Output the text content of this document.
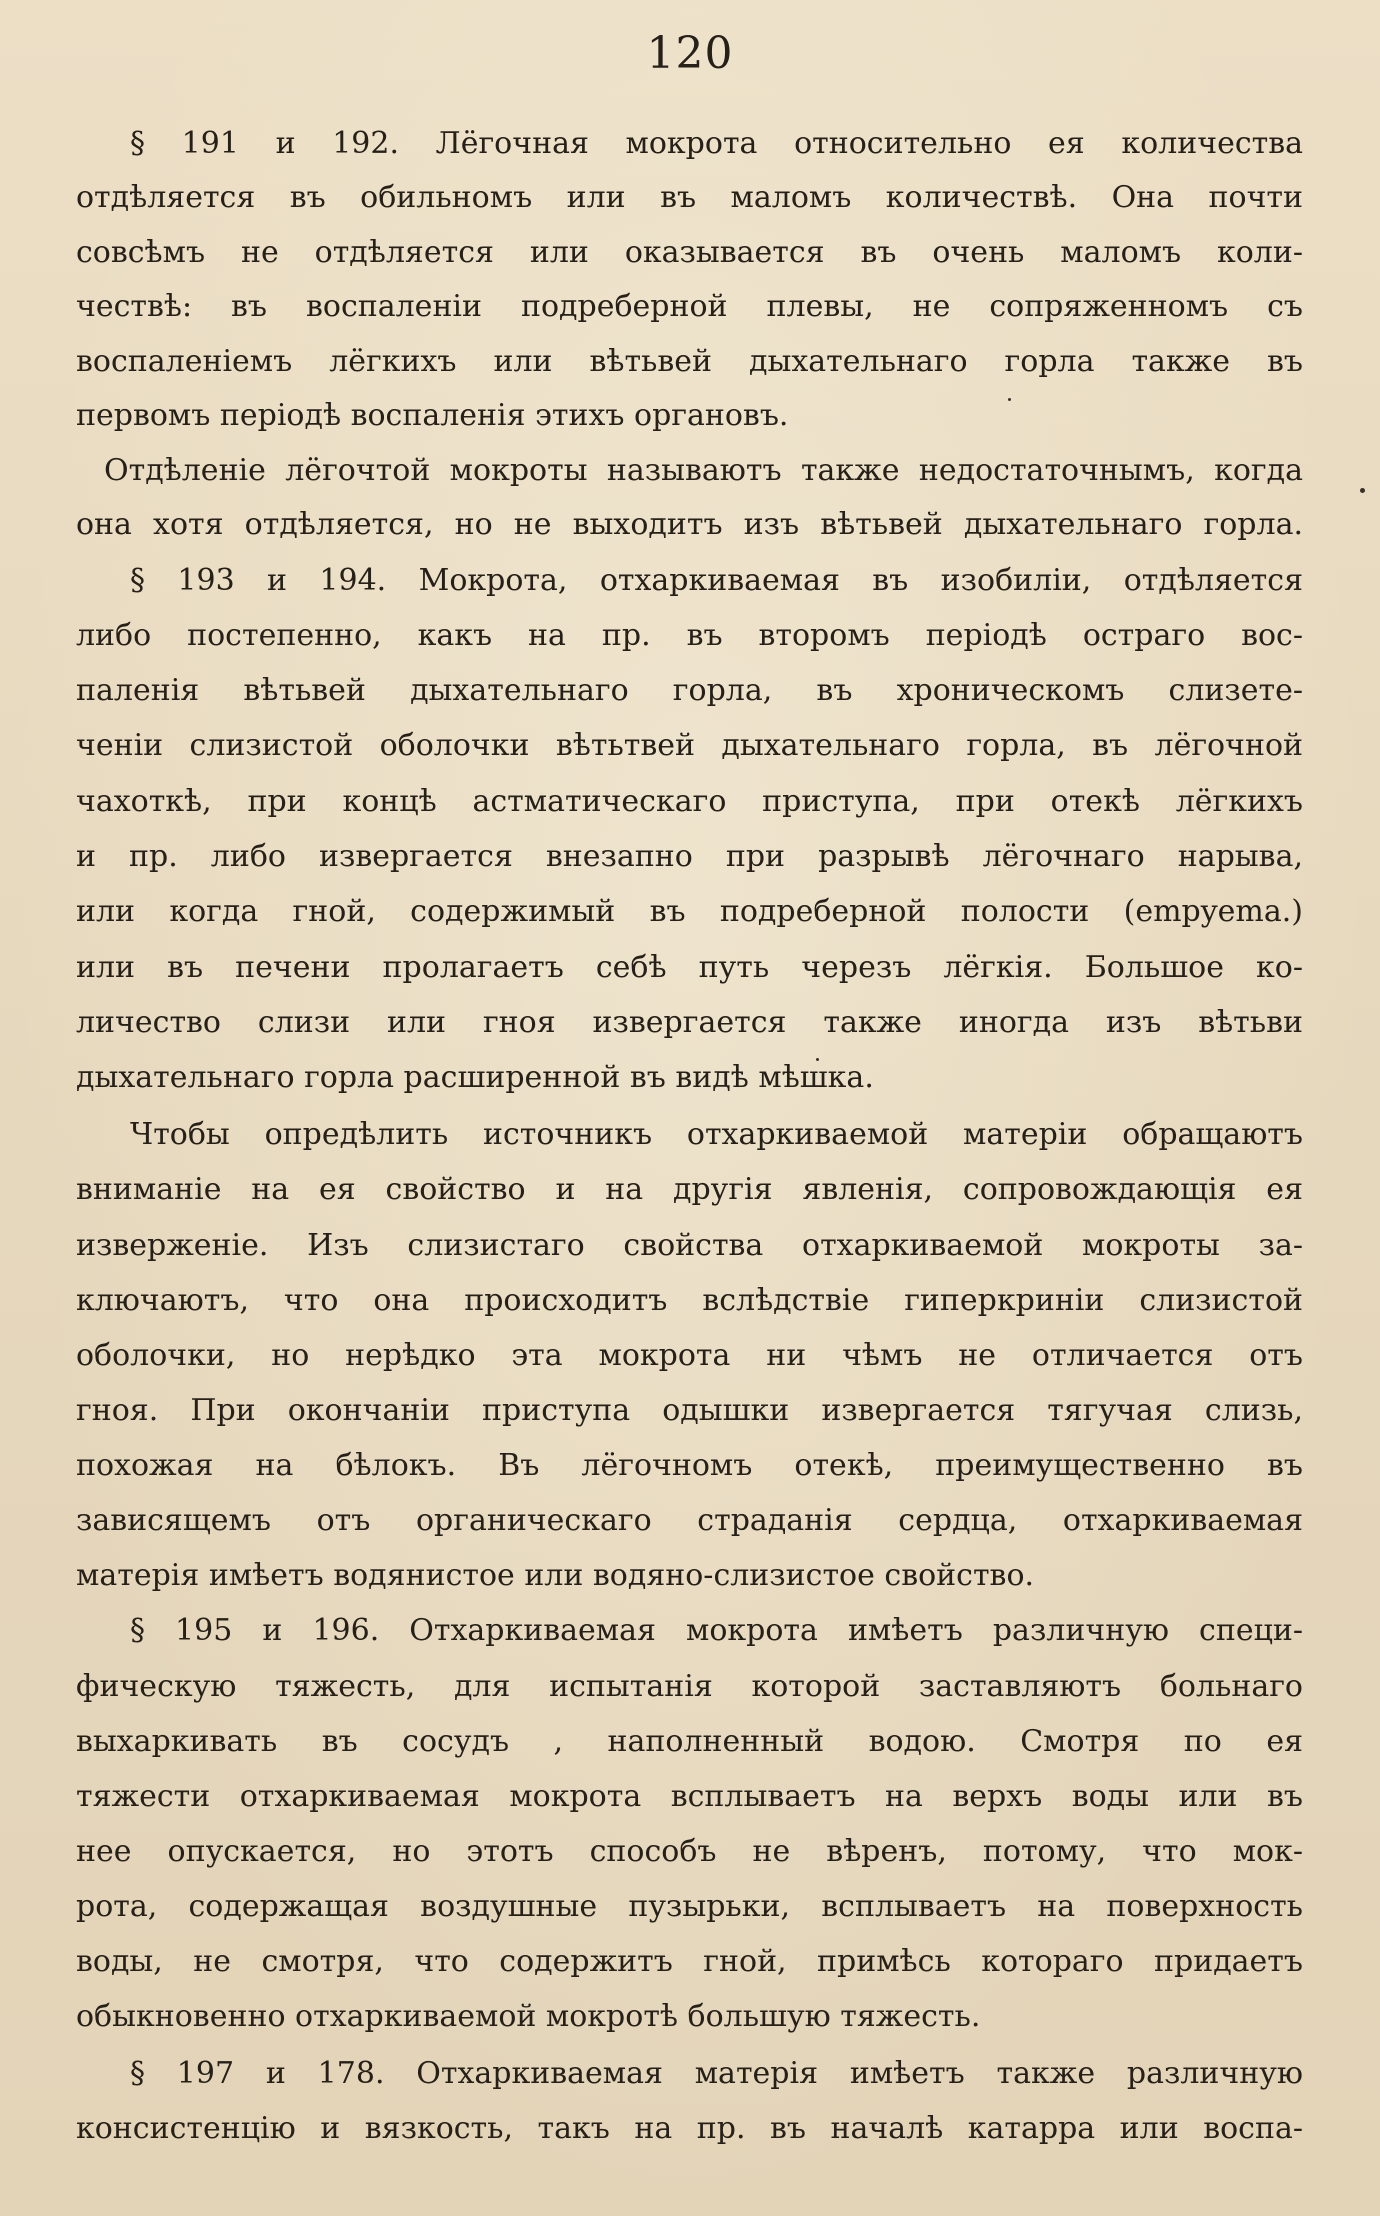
120
§ 191 и 192. Лёгочная мокрота относительно ея количества
отдѣляется въ обильномъ или въ маломъ количествѣ. Она почти
совсѣмъ не отдѣляется или оказывается въ очень маломъ коли-
чествѣ: въ воспаленіи подреберной плевы, не сопряженномъ съ
воспаленіемъ лёгкихъ или вѣтьвей дыхательнаго горла также въ
первомъ періодѣ воспаленія этихъ органовъ.
Отдѣленіе лёгочтой мокроты называютъ также недостаточнымъ, когда
она хотя отдѣляется, но не выходитъ изъ вѣтьвей дыхательнаго горла.
§ 193 и 194. Мокрота, отхаркиваемая въ изобиліи, отдѣляется
либо постепенно, какъ на пр. въ второмъ періодѣ остраго вос-
паленія вѣтьвей дыхательнаго горла, въ хроническомъ слизете-
ченіи слизистой оболочки вѣтьтвей дыхательнаго горла, въ лёгочной
чахоткѣ, при концѣ астматическаго приступа, при отекѣ лёгкихъ
и пр. либо извергается внезапно при разрывѣ лёгочнаго нарыва,
или когда гной, содержимый въ подреберной полости (empyema.)
или въ печени пролагаетъ себѣ путь черезъ лёгкія. Большое ко-
личество слизи или гноя извергается также иногда изъ вѣтьви
дыхательнаго горла расширенной въ видѣ мѣшка.
Чтобы опредѣлить источникъ отхаркиваемой матеріи обращаютъ
вниманіе на ея свойство и на другія явленія, сопровождающія ея
изверженіе. Изъ слизистаго свойства отхаркиваемой мокроты за-
ключаютъ, что она происходитъ вслѣдствіе гиперкриніи слизистой
оболочки, но нерѣдко эта мокрота ни чѣмъ не отличается отъ
гноя. При окончаніи приступа одышки извергается тягучая слизь,
похожая на бѣлокъ. Въ лёгочномъ отекѣ, преимущественно въ
зависящемъ отъ органическаго страданія сердца, отхаркиваемая
матерія имѣетъ водянистое или водяно-слизистое свойство.
§ 195 и 196. Отхаркиваемая мокрота имѣетъ различную специ-
фическую тяжесть, для испытанія которой заставляютъ больнаго
выхаркивать въ сосудъ , наполненный водою. Смотря по ея
тяжести отхаркиваемая мокрота всплываетъ на верхъ воды или въ
нее опускается, но этотъ способъ не вѣренъ, потому, что мок-
рота, содержащая воздушные пузырьки, всплываетъ на поверхность
воды, не смотря, что содержитъ гной, примѣсь котораго придаетъ
обыкновенно отхаркиваемой мокротѣ большую тяжесть.
§ 197 и 178. Отхаркиваемая матерія имѣетъ также различную
консистенцію и вязкость, такъ на пр. въ началѣ катарра или воспа-
